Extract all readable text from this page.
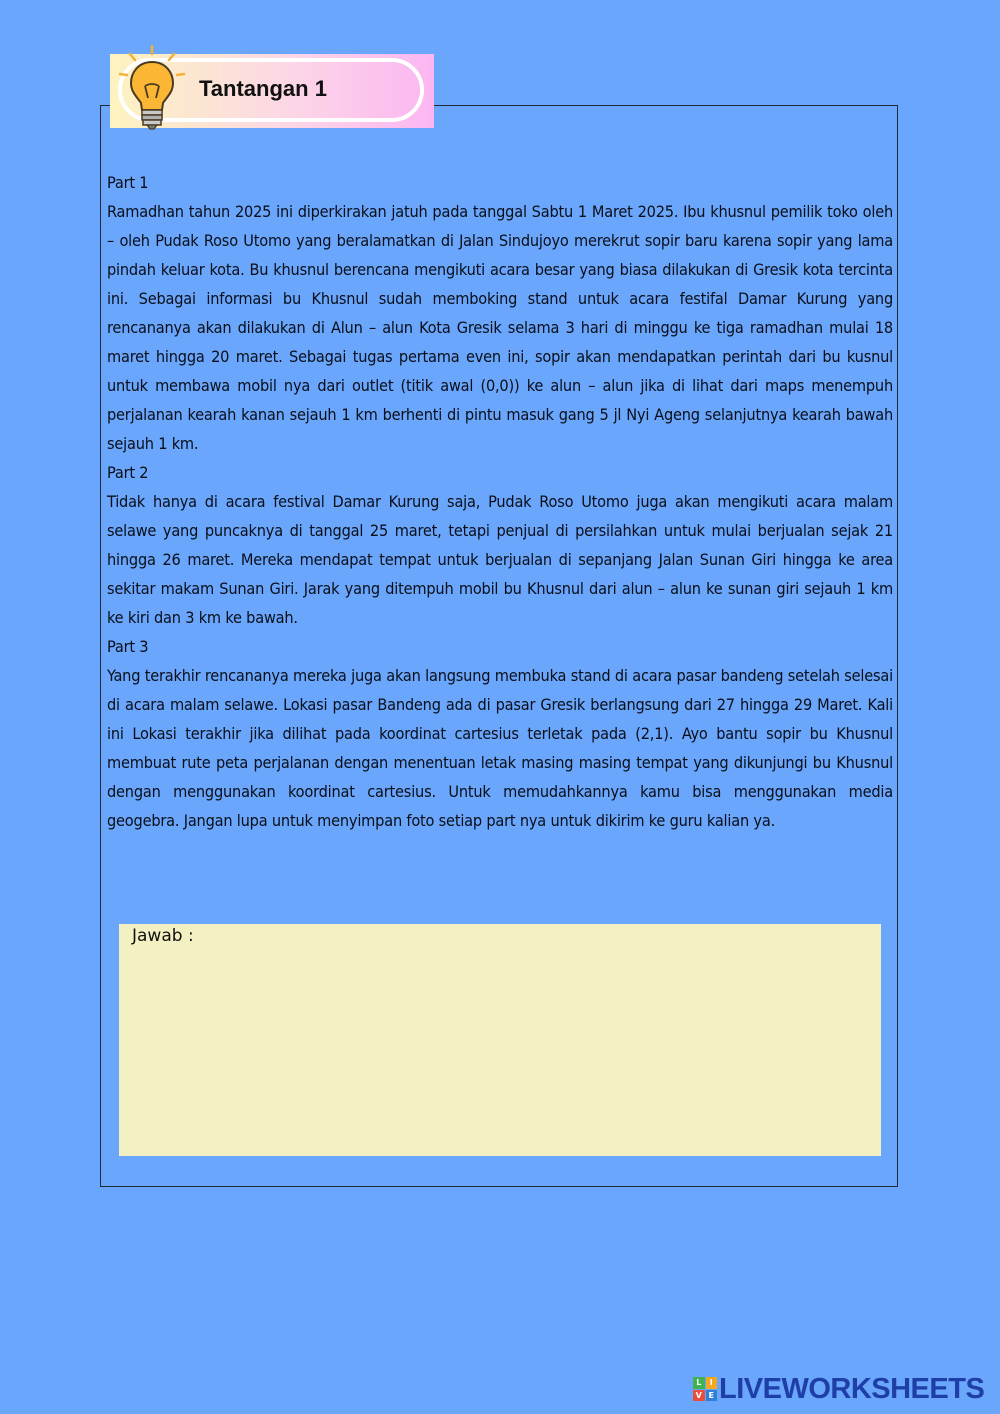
Tantangan 1

Part 1

Ramadhan tahun 2025 ini diperkirakan jatuh pada tanggal Sabtu 1 Maret 2025. Ibu khusnul pemilik toko oleh – oleh Pudak Roso Utomo yang beralamatkan di Jalan Sindujoyo merekrut sopir baru karena sopir yang lama pindah keluar kota. Bu khusnul berencana mengikuti acara besar yang biasa dilakukan di Gresik kota tercinta ini. Sebagai informasi bu Khusnul sudah memboking stand untuk acara festifal Damar Kurung yang rencananya akan dilakukan di Alun – alun Kota Gresik selama 3 hari di minggu ke tiga ramadhan mulai 18 maret hingga 20 maret. Sebagai tugas pertama even ini, sopir akan mendapatkan perintah dari bu kusnul untuk membawa mobil nya dari outlet (titik awal (0,0)) ke alun – alun jika di lihat dari maps menempuh perjalanan kearah kanan sejauh 1 km berhenti di pintu masuk gang 5 jl Nyi Ageng selanjutnya kearah bawah sejauh 1 km.

Part 2

Tidak hanya di acara festival Damar Kurung saja, Pudak Roso Utomo juga akan mengikuti acara malam selawe yang puncaknya di tanggal 25 maret, tetapi penjual di persilahkan untuk mulai berjualan sejak 21 hingga 26 maret. Mereka mendapat tempat untuk berjualan di sepanjang Jalan Sunan Giri hingga ke area sekitar makam Sunan Giri. Jarak yang ditempuh mobil bu Khusnul dari alun – alun ke sunan giri sejauh 1 km ke kiri dan 3 km ke bawah.

Part 3

Yang terakhir rencananya mereka juga akan langsung membuka stand di acara pasar bandeng setelah selesai di acara malam selawe. Lokasi pasar Bandeng ada di pasar Gresik berlangsung dari 27 hingga 29 Maret. Kali ini Lokasi terakhir jika dilihat pada koordinat cartesius terletak pada (2,1). Ayo bantu sopir bu Khusnul membuat rute peta perjalanan dengan menentuan letak masing masing tempat yang dikunjungi bu Khusnul dengan menggunakan koordinat cartesius. Untuk memudahkannya kamu bisa menggunakan media geogebra. Jangan lupa untuk menyimpan foto setiap part nya untuk dikirim ke guru kalian ya.

Jawab :
L	I
V E LIVEWORKSHEETS
